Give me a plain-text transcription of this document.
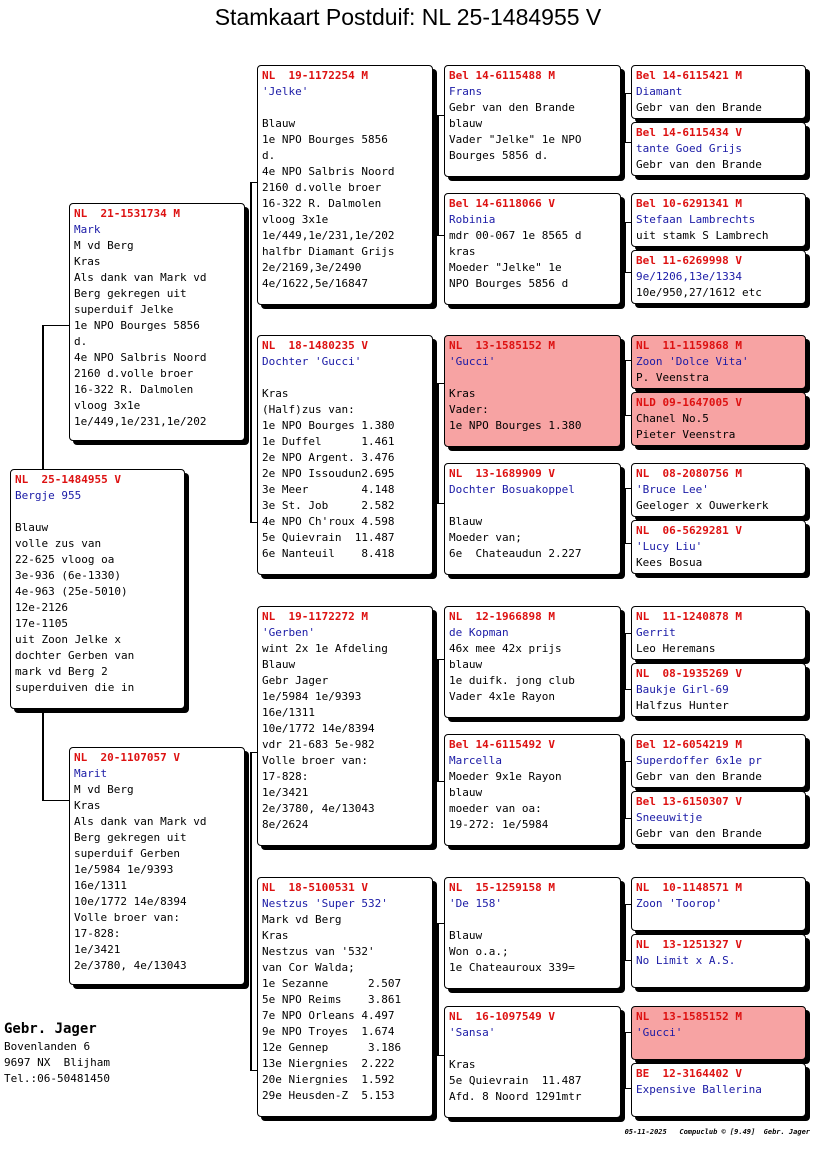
Stamkaart Postduif: NL 25-1484955 V
NL  25-1484955 V
Bergje 955

Blauw
volle zus van
22-625 vloog oa
3e-936 (6e-1330)
4e-963 (25e-5010)
12e-2126
17e-1105
uit Zoon Jelke x
dochter Gerben van
mark vd Berg 2
superduiven die in
NL  21-1531734 M
Mark
M vd Berg
Kras
Als dank van Mark vd
Berg gekregen uit
superduif Jelke
1e NPO Bourges 5856
d.
4e NPO Salbris Noord
2160 d.volle broer
16-322 R. Dalmolen
vloog 3x1e
1e/449,1e/231,1e/202
NL  20-1107057 V
Marit
M vd Berg
Kras
Als dank van Mark vd
Berg gekregen uit
superduif Gerben
1e/5984 1e/9393
16e/1311
10e/1772 14e/8394
Volle broer van:
17-828:
1e/3421
2e/3780, 4e/13043
NL  19-1172254 M
'Jelke'

Blauw
1e NPO Bourges 5856
d.
4e NPO Salbris Noord
2160 d.volle broer
16-322 R. Dalmolen
vloog 3x1e
1e/449,1e/231,1e/202
halfbr Diamant Grijs
2e/2169,3e/2490
4e/1622,5e/16847
NL  18-1480235 V
Dochter 'Gucci'

Kras
(Half)zus van:
1e NPO Bourges 1.380
1e Duffel      1.461
2e NPO Argent. 3.476
2e NPO Issoudun2.695
3e Meer        4.148
3e St. Job     2.582
4e NPO Ch'roux 4.598
5e Quievrain  11.487
6e Nanteuil    8.418
NL  19-1172272 M
'Gerben'
wint 2x 1e Afdeling
Blauw
Gebr Jager
1e/5984 1e/9393
16e/1311
10e/1772 14e/8394
vdr 21-683 5e-982
Volle broer van:
17-828:
1e/3421
2e/3780, 4e/13043
8e/2624
NL  18-5100531 V
Nestzus 'Super 532'
Mark vd Berg
Kras
Nestzus van '532'
van Cor Walda;
1e Sezanne      2.507
5e NPO Reims    3.861
7e NPO Orleans 4.497
9e NPO Troyes  1.674
12e Gennep      3.186
13e Niergnies  2.222
20e Niergnies  1.592
29e Heusden-Z  5.153
Bel 14-6115488 M
Frans
Gebr van den Brande
blauw
Vader "Jelke" 1e NPO
Bourges 5856 d.
Bel 14-6118066 V
Robinia
mdr 00-067 1e 8565 d
kras
Moeder "Jelke" 1e
NPO Bourges 5856 d
NL  13-1585152 M
'Gucci'

Kras
Vader:
1e NPO Bourges 1.380
NL  13-1689909 V
Dochter Bosuakoppel

Blauw
Moeder van;
6e  Chateaudun 2.227
NL  12-1966898 M
de Kopman
46x mee 42x prijs
blauw
1e duifk. jong club
Vader 4x1e Rayon
Bel 14-6115492 V
Marcella
Moeder 9x1e Rayon
blauw
moeder van oa:
19-272: 1e/5984
NL  15-1259158 M
'De 158'

Blauw
Won o.a.;
1e Chateauroux 339=
NL  16-1097549 V
'Sansa'

Kras
5e Quievrain  11.487
Afd. 8 Noord 1291mtr
Bel 14-6115421 M
Diamant
Gebr van den Brande
Bel 14-6115434 V
tante Goed Grijs
Gebr van den Brande
Bel 10-6291341 M
Stefaan Lambrechts
uit stamk S Lambrech
Bel 11-6269998 V
9e/1206,13e/1334
10e/950,27/1612 etc
NL  11-1159868 M
Zoon 'Dolce Vita'
P. Veenstra
NLD 09-1647005 V
Chanel No.5
Pieter Veenstra
NL  08-2080756 M
'Bruce Lee'
Geeloger x Ouwerkerk
NL  06-5629281 V
'Lucy Liu'
Kees Bosua
NL  11-1240878 M
Gerrit
Leo Heremans
NL  08-1935269 V
Baukje Girl-69
Halfzus Hunter
Bel 12-6054219 M
Superdoffer 6x1e pr
Gebr van den Brande
Bel 13-6150307 V
Sneeuwitje
Gebr van den Brande
NL  10-1148571 M
Zoon 'Toorop'
NL  13-1251327 V
No Limit x A.S.
NL  13-1585152 M
'Gucci'
BE  12-3164402 V
Expensive Ballerina
Gebr. Jager
Bovenlanden 6
9697 NX  Blijham
Tel.:06-50481450
05-11-2025   Compuclub © [9.49]  Gebr. Jager
